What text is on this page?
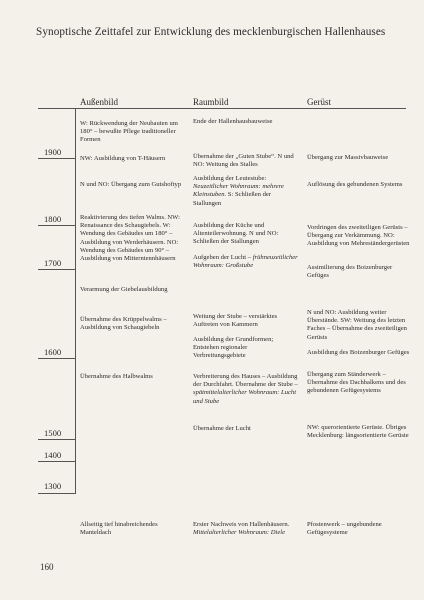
Synoptische Zeittafel zur Entwicklung des mecklenburgischen Hallenhauses
Außenbild	Raumbild	Gerüst
1900
1800
1700
1600
1500
1400
1300
W: Rückwendung der Neubauten um 180° – bewußte Pflege traditioneller Formen
NW: Ausbildung von T-Häusern
N und NO: Übergang zum Gutshoftyp
Reaktivierung des tiefen Walms. NW: Renaissance des Schaugiebels. W: Wendung des Gebäudes um 180° – Ausbildung von Werderhäusern. NO: Wendung des Gebäudes um 90° – Ausbildung von Mitterntennhäusern
Verarmung der Giebelausbildung
Übernahme des Krüppelwalms – Ausbildung von Schaugiebeln
Übernahme des Halbwalms
Allseitig tief hinabreichendes Manteldach
Ende der Hallenhausbauweise
Übernahme der „Guten Stube“. N und NO: Weitung des Stalles
Ausbildung der Leutestube: Neuzeitlicher Wohnraum: mehrere Kleinstuben. S: Schließen der Stallungen
Ausbildung der Küche und Altenteilerwohnung. N und NO: Schließen der Stallungen
Aufgeben der Lucht – frühneuzeitlicher Wohnraum: Großstube
Weitung der Stube – verstärktes Auftreten von Kammern
Ausbildung der Grundformen; Entstehen regionaler Verbreitungsgebiete
Verbreiterung des Hauses – Ausbildung der Durchfahrt. Übernahme der Stube – spätmittelalterlicher Wohnraum: Lucht und Stube
Übernahme der Lucht
Erster Nachweis von Hallenhäusern. Mittelalterlicher Wohnraum: Diele
Übergang zur Massivbauweise
Auflösung des gebundenen Systems
Vordringen des zweiteiligen Gerüsts – Übergang zur Verkämmung. NO: Ausbildung von Mehreständergerüsten
Assimilierung des Boizenburger Gefüges
N und NO: Ausbildung weiter Überstände. SW: Weitung des letzten Faches – Übernahme des zweiteiligen Gerüsts
Ausbildung des Boizenburger Gefüges
Übergang zum Ständerwerk – Übernahme des Dachbalkens und des gebundenen Gefügesystems
NW: querorientierte Gerüste. Übriges Mecklenburg: längsorientierte Gerüste
Pfostenwerk – ungebundene Gefügesysteme
160
